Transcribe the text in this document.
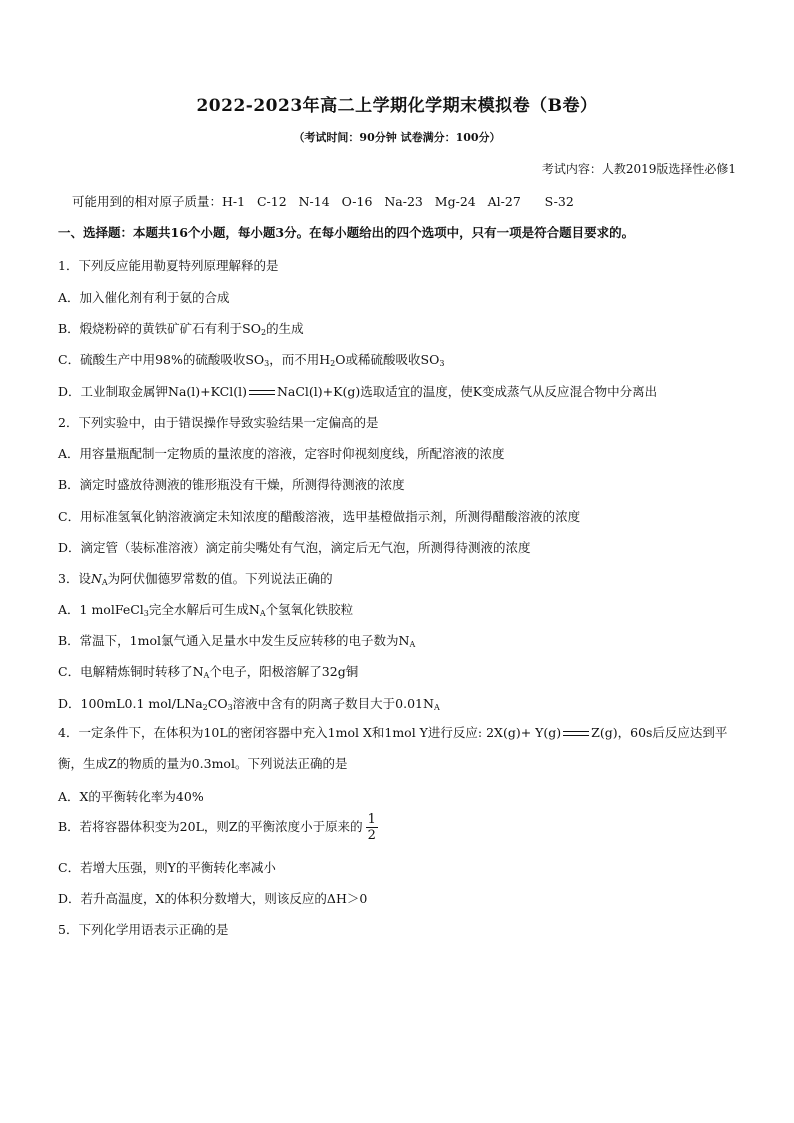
2022-2023年高二上学期化学期末模拟卷（B卷）
（考试时间：90分钟 试卷满分：100分）
考试内容：人教2019版选择性必修1
可能用到的相对原子质量：H-1   C-12   N-14   O-16   Na-23   Mg-24   Al-27      S-32
一、选择题：本题共16个小题，每小题3分。在每小题给出的四个选项中，只有一项是符合题目要求的。
1．下列反应能用勒夏特列原理解释的是
A．加入催化剂有利于氨的合成
B．煅烧粉碎的黄铁矿矿石有利于$SO_2$的生成
C．硫酸生产中用98%的硫酸吸收$SO_3$，而不用$H_2O$或稀硫酸吸收$SO_3$
D．工业制取金属钾Na(l)+KCl(l) NaCl(l)+K(g)选取适宜的温度，使K变成蒸气从反应混合物中分离出
2．下列实验中，由于错误操作导致实验结果一定偏高的是
A．用容量瓶配制一定物质的量浓度的溶液，定容时仰视刻度线，所配溶液的浓度
B．滴定时盛放待测液的锥形瓶没有干燥，所测得待测液的浓度
C．用标准氢氧化钠溶液滴定未知浓度的醋酸溶液，选甲基橙做指示剂，所测得醋酸溶液的浓度
D．滴定管（装标准溶液）滴定前尖嘴处有气泡，滴定后无气泡，所测得待测液的浓度
3．设$N_A$为阿伏伽德罗常数的值。下列说法正确的
A．1 molFeCl$_3$完全水解后可生成$N_A$个氢氧化铁胶粒
B．常温下，1mol氯气通入足量水中发生反应转移的电子数为$N_A$
C．电解精炼铜时转移了$N_A$个电子，阳极溶解了32g铜
D．100mL0.1 mol/$LNa_2CO_3$溶液中含有的阴离子数目大于$0.01N_A$
4．一定条件下，在体积为10L的密闭容器中充入1mol X和1mol Y进行反应: 2X(g)+ Y(g) Z(g)，60s后反应达到平衡，生成Z的物质的量为0.3mol。下列说法正确的是
A．X的平衡转化率为40%
B．若将容器体积变为20L，则Z的平衡浓度小于原来的 $\frac{1}{2}$
C．若增大压强，则Y的平衡转化率减小
D．若升高温度，X的体积分数增大，则该反应的ΔH＞0
5．下列化学用语表示正确的是
